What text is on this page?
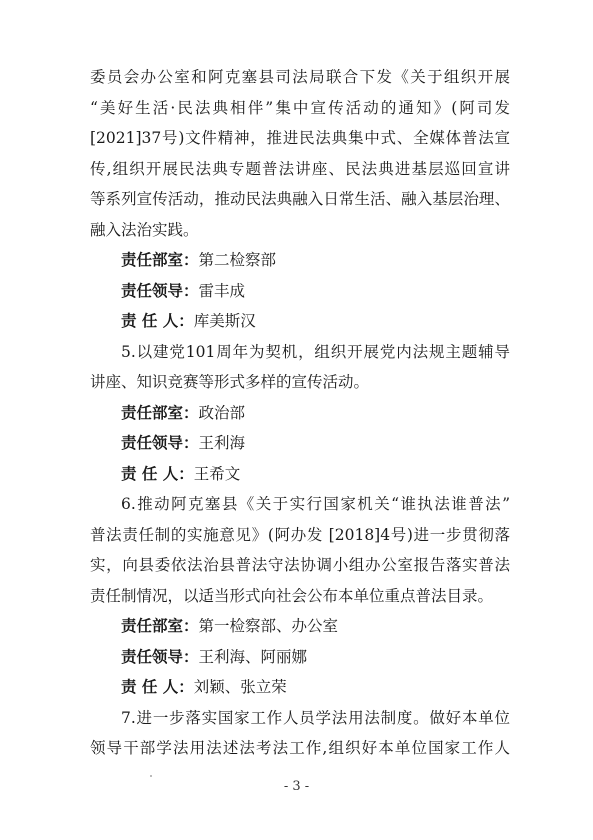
委员会办公室和阿克塞县司法局联合下发《关于组织开展
“美好生活·民法典相伴”集中宣传活动的通知》(阿司发
[2021]37号)文件精神，推进民法典集中式、全媒体普法宣
传,组织开展民法典专题普法讲座、民法典进基层巡回宣讲
等系列宣传活动，推动民法典融入日常生活、融入基层治理、
融入法治实践。
责任部室：第二检察部
责任领导：雷丰成
责 任 人：库美斯汉
5.以建党101周年为契机，组织开展党内法规主题辅导
讲座、知识竞赛等形式多样的宣传活动。
责任部室：政治部
责任领导：王利海
责 任 人：王希文
6.推动阿克塞县《关于实行国家机关“谁执法谁普法”
普法责任制的实施意见》(阿办发 [2018]4号)进一步贯彻落
实，向县委依法治县普法守法协调小组办公室报告落实普法
责任制情况，以适当形式向社会公布本单位重点普法目录。
责任部室：第一检察部、办公室
责任领导：王利海、阿丽娜
责 任 人：刘颖、张立荣
7.进一步落实国家工作人员学法用法制度。做好本单位
领导干部学法用法述法考法工作,组织好本单位国家工作人
- 3 -
